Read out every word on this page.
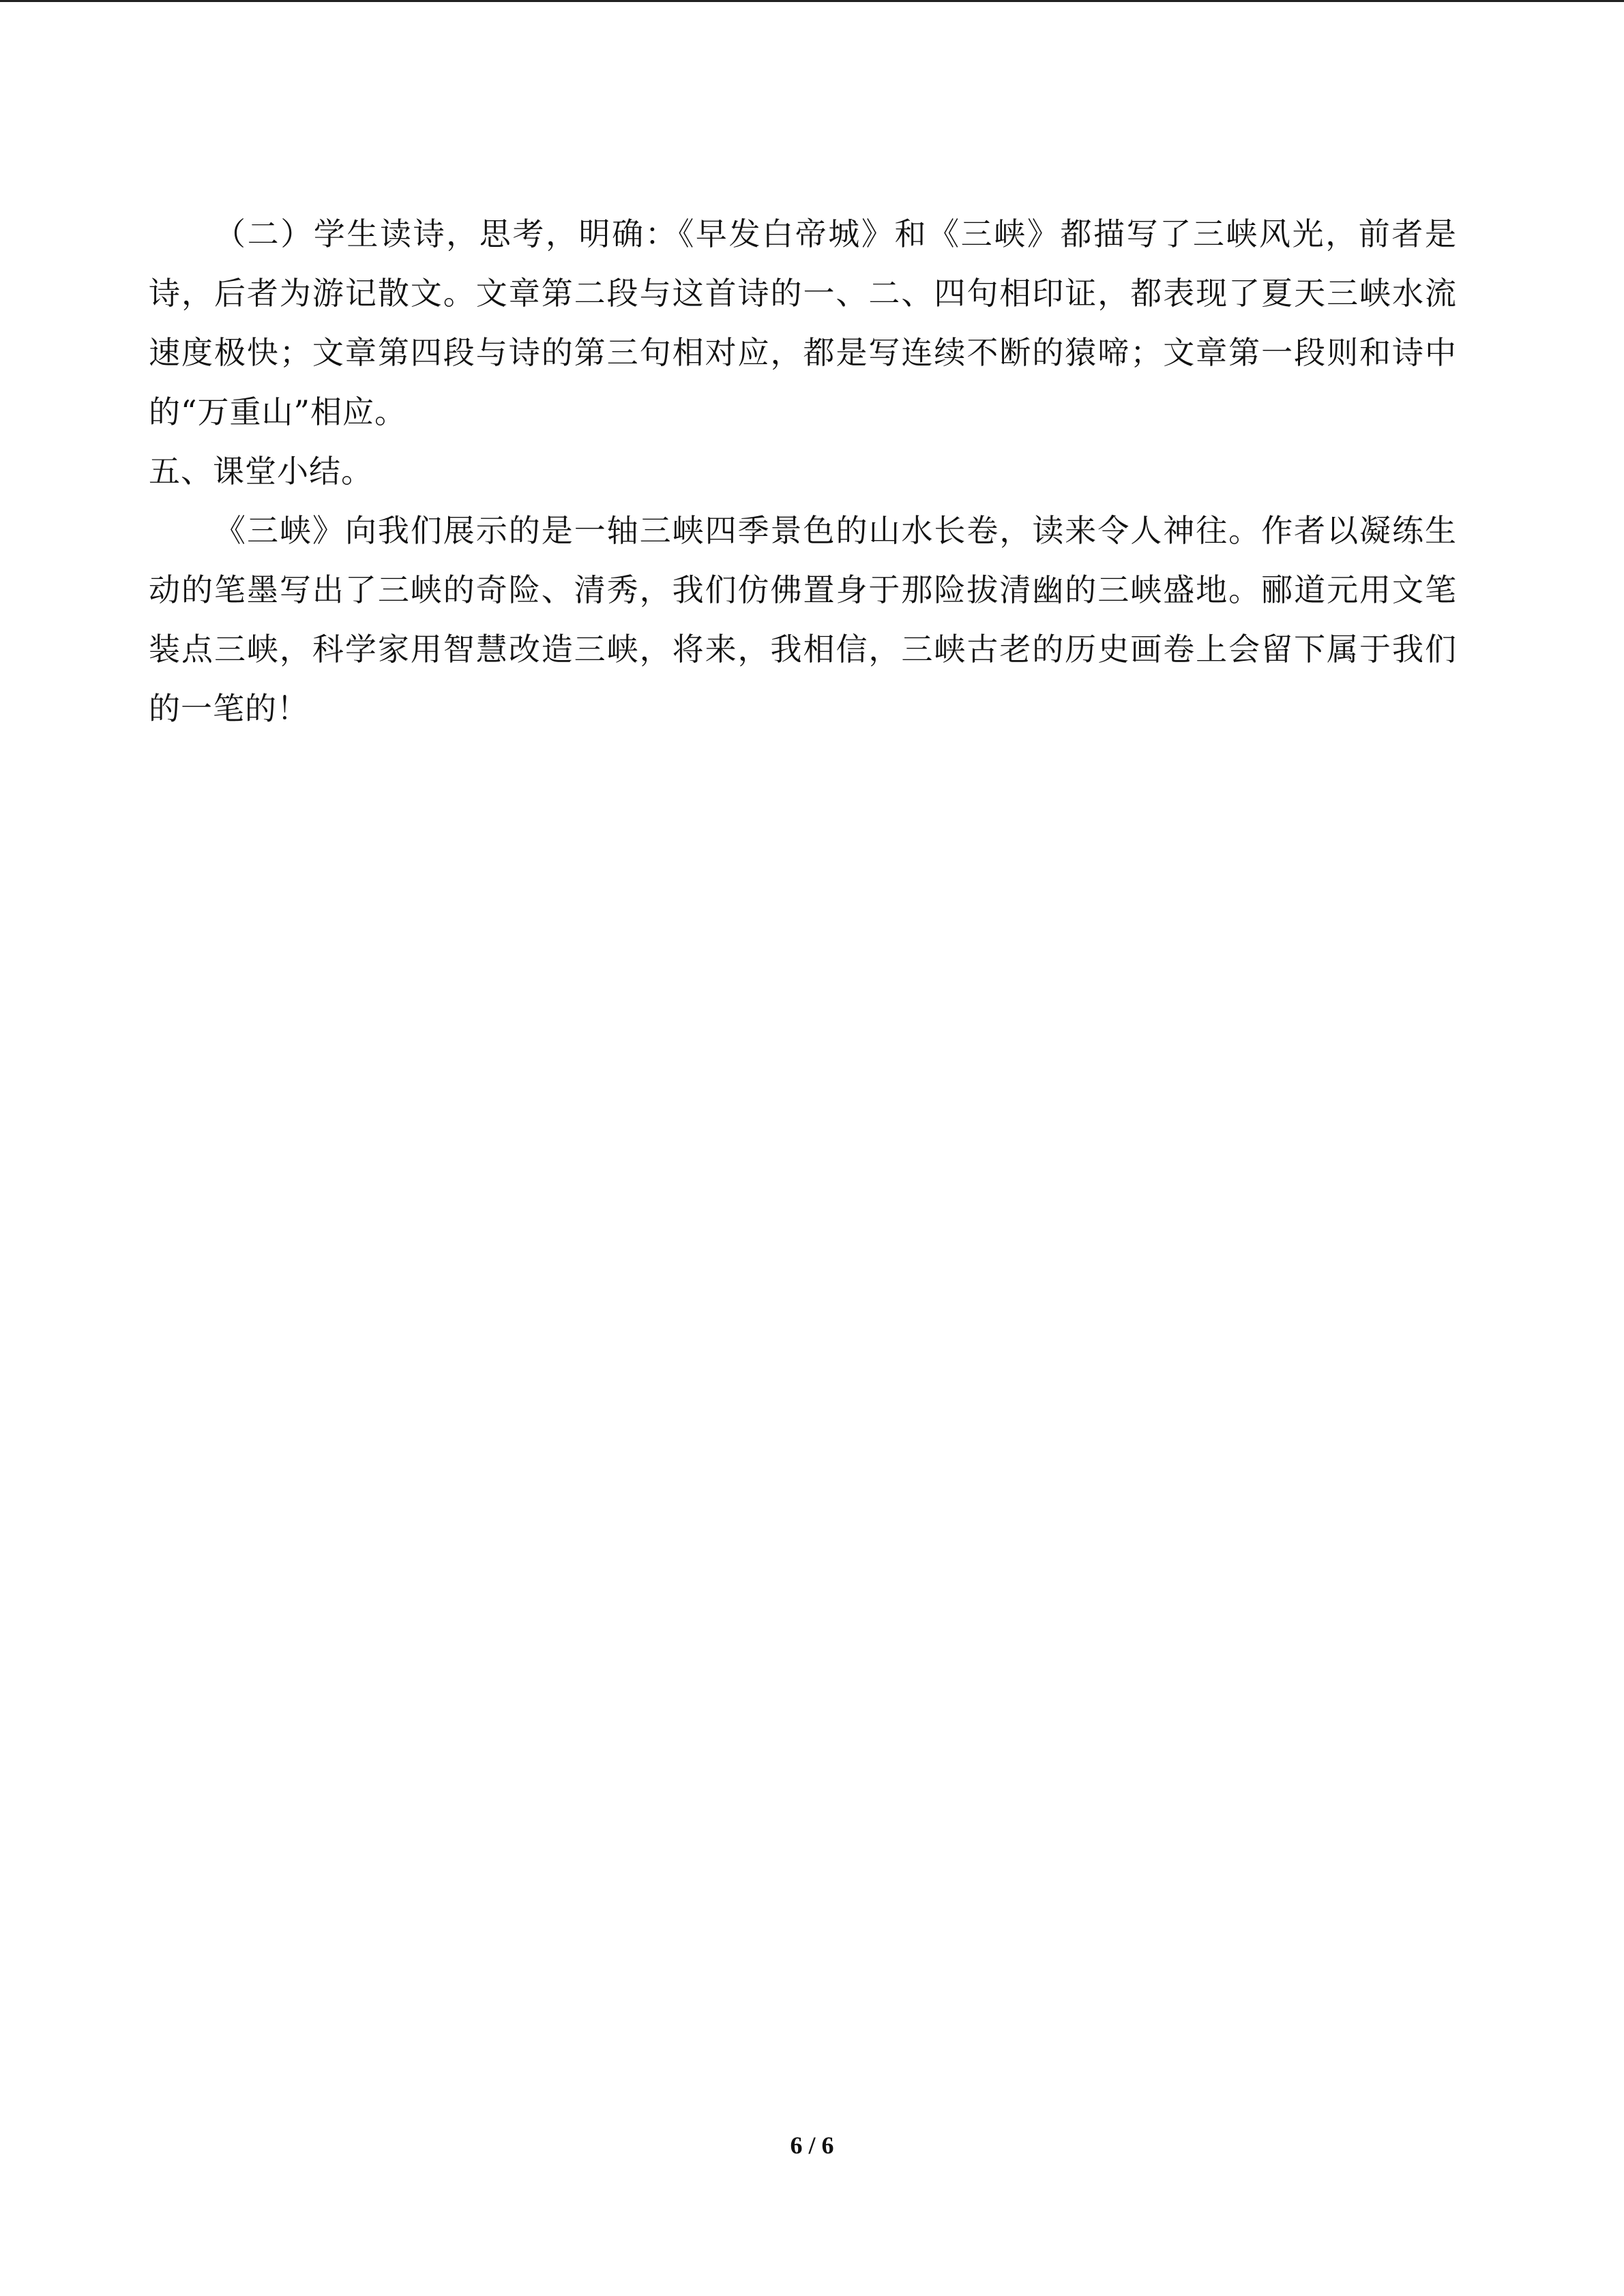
（二）学生读诗，思考，明确：《早发白帝城》和《三峡》都描写了三峡风光，前者是诗，后者为游记散文。文章第二段与这首诗的一、二、四句相印证，都表现了夏天三峡水流速度极快；文章第四段与诗的第三句相对应，都是写连续不断的猿啼；文章第一段则和诗中的“万重山”相应。

五、课堂小结。

《三峡》向我们展示的是一轴三峡四季景色的山水长卷，读来令人神往。作者以凝练生动的笔墨写出了三峡的奇险、清秀，我们仿佛置身于那险拔清幽的三峡盛地。郦道元用文笔装点三峡，科学家用智慧改造三峡，将来，我相信，三峡古老的历史画卷上会留下属于我们的一笔的！

6 / 6
